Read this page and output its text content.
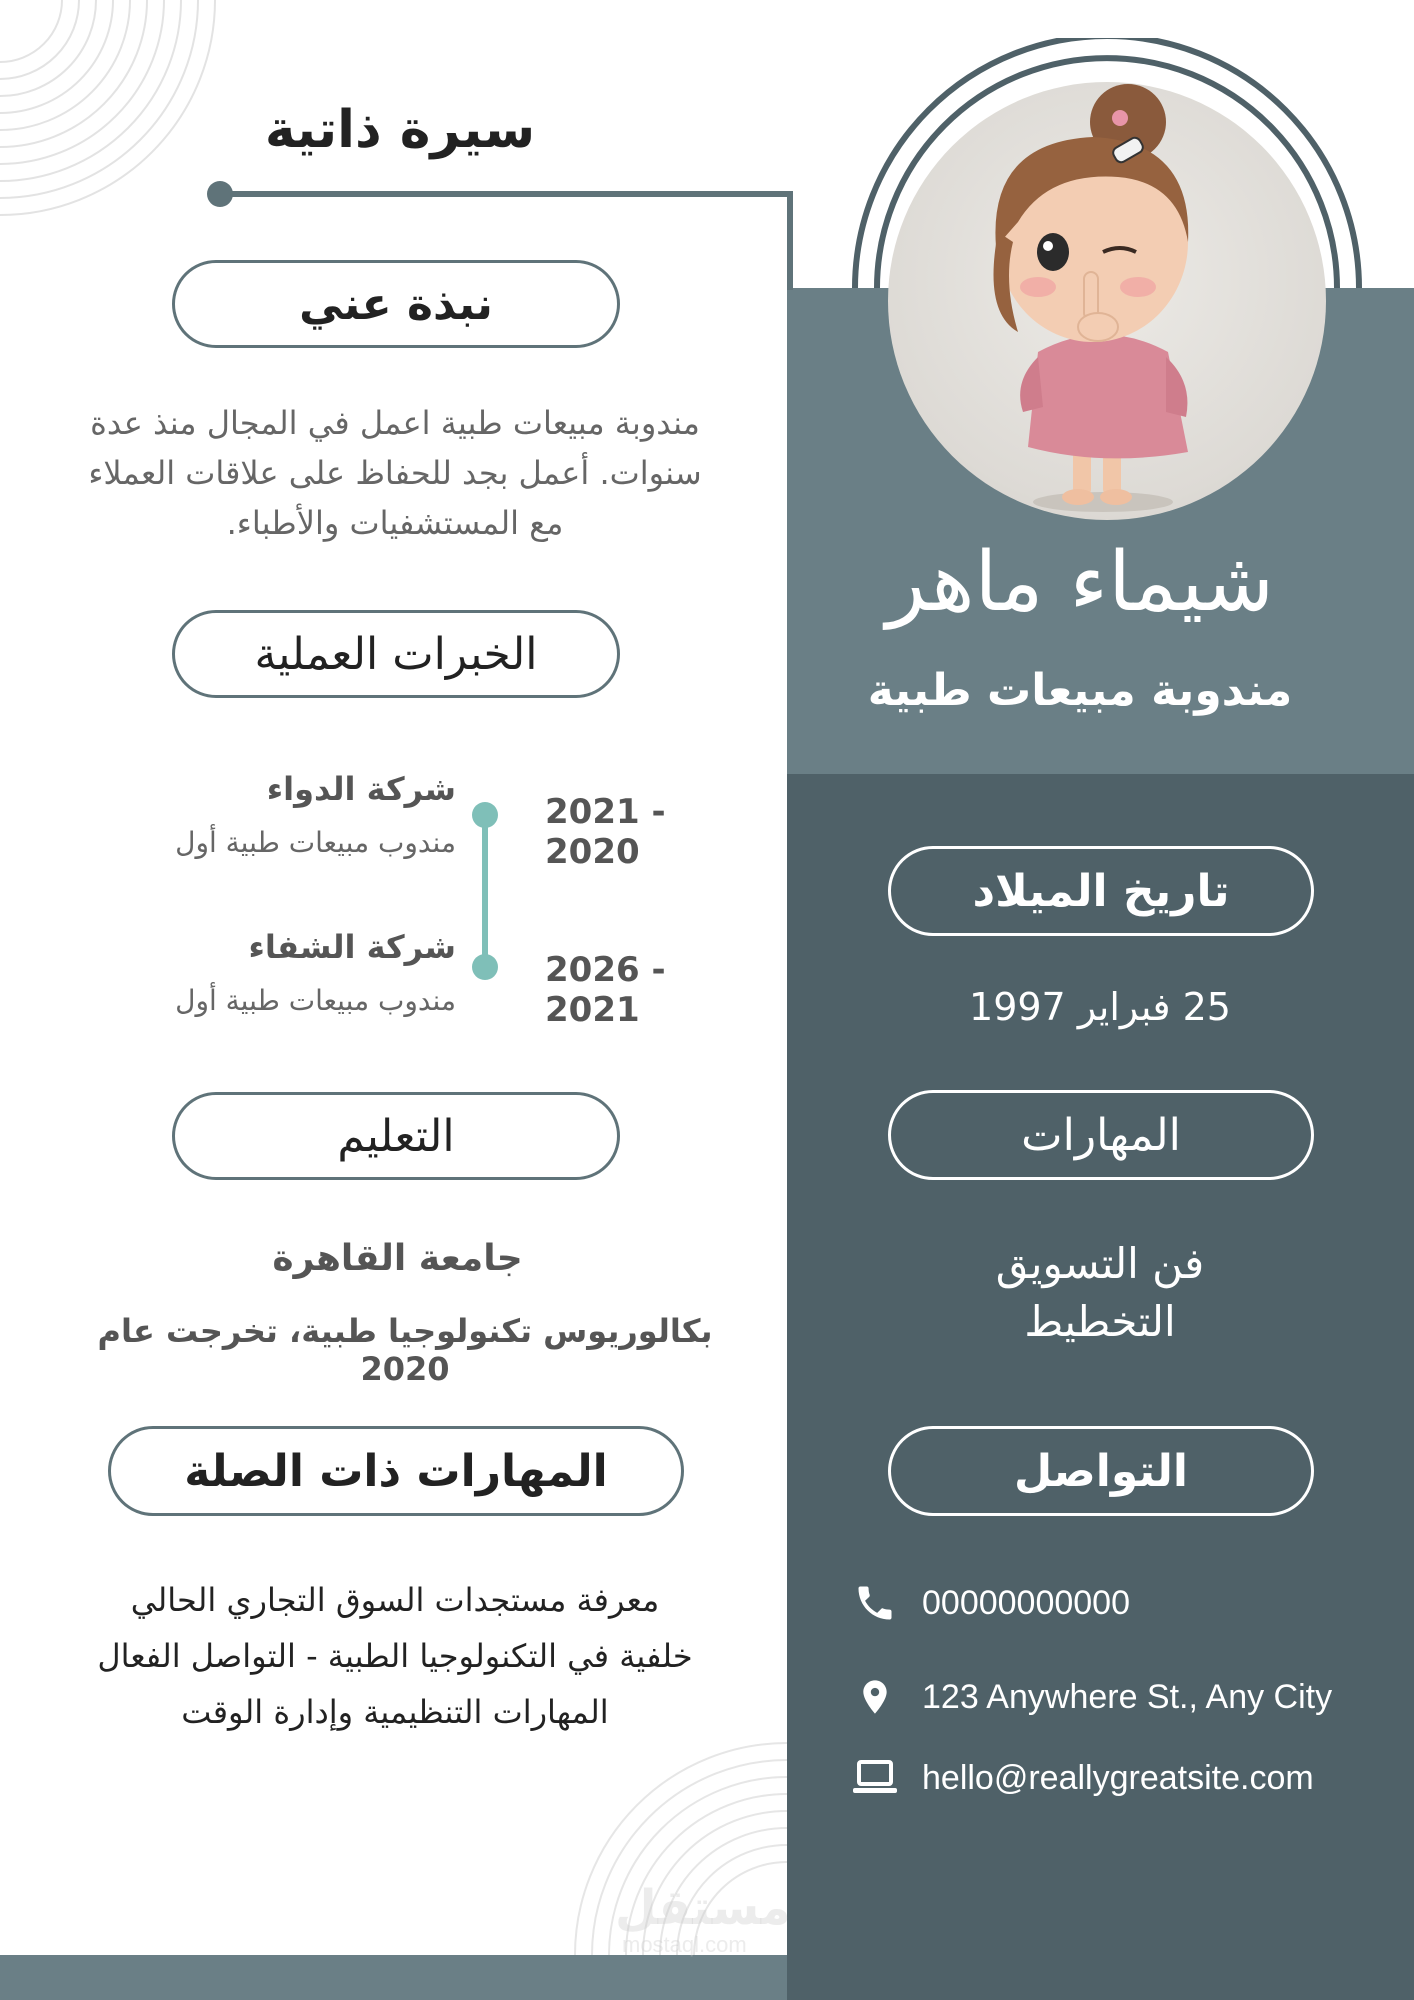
سيرة ذاتية
شيماء ماهر
مندوبة مبيعات طبية
نبذة عني
مندوبة مبيعات طبية اعمل في المجال منذ عدة
سنوات. أعمل بجد للحفاظ على علاقات العملاء
مع المستشفيات والأطباء.
الخبرات العملية
شركة الدواء
مندوب مبيعات طبية أول
2021 - 2020
شركة الشفاء
مندوب مبيعات طبية أول
2026 - 2021
التعليم
جامعة القاهرة
بكالوريوس تكنولوجيا طبية، تخرجت عام 2020
المهارات ذات الصلة
معرفة مستجدات السوق التجاري الحالي
خلفية في التكنولوجيا الطبية - التواصل الفعال
المهارات التنظيمية وإدارة الوقت
تاريخ الميلاد
25 فبراير 1997
المهارات
فن التسويق
التخطيط
التواصل
00000000000
123 Anywhere St., Any City
hello@reallygreatsite.com
مستقل
mostaql.com
